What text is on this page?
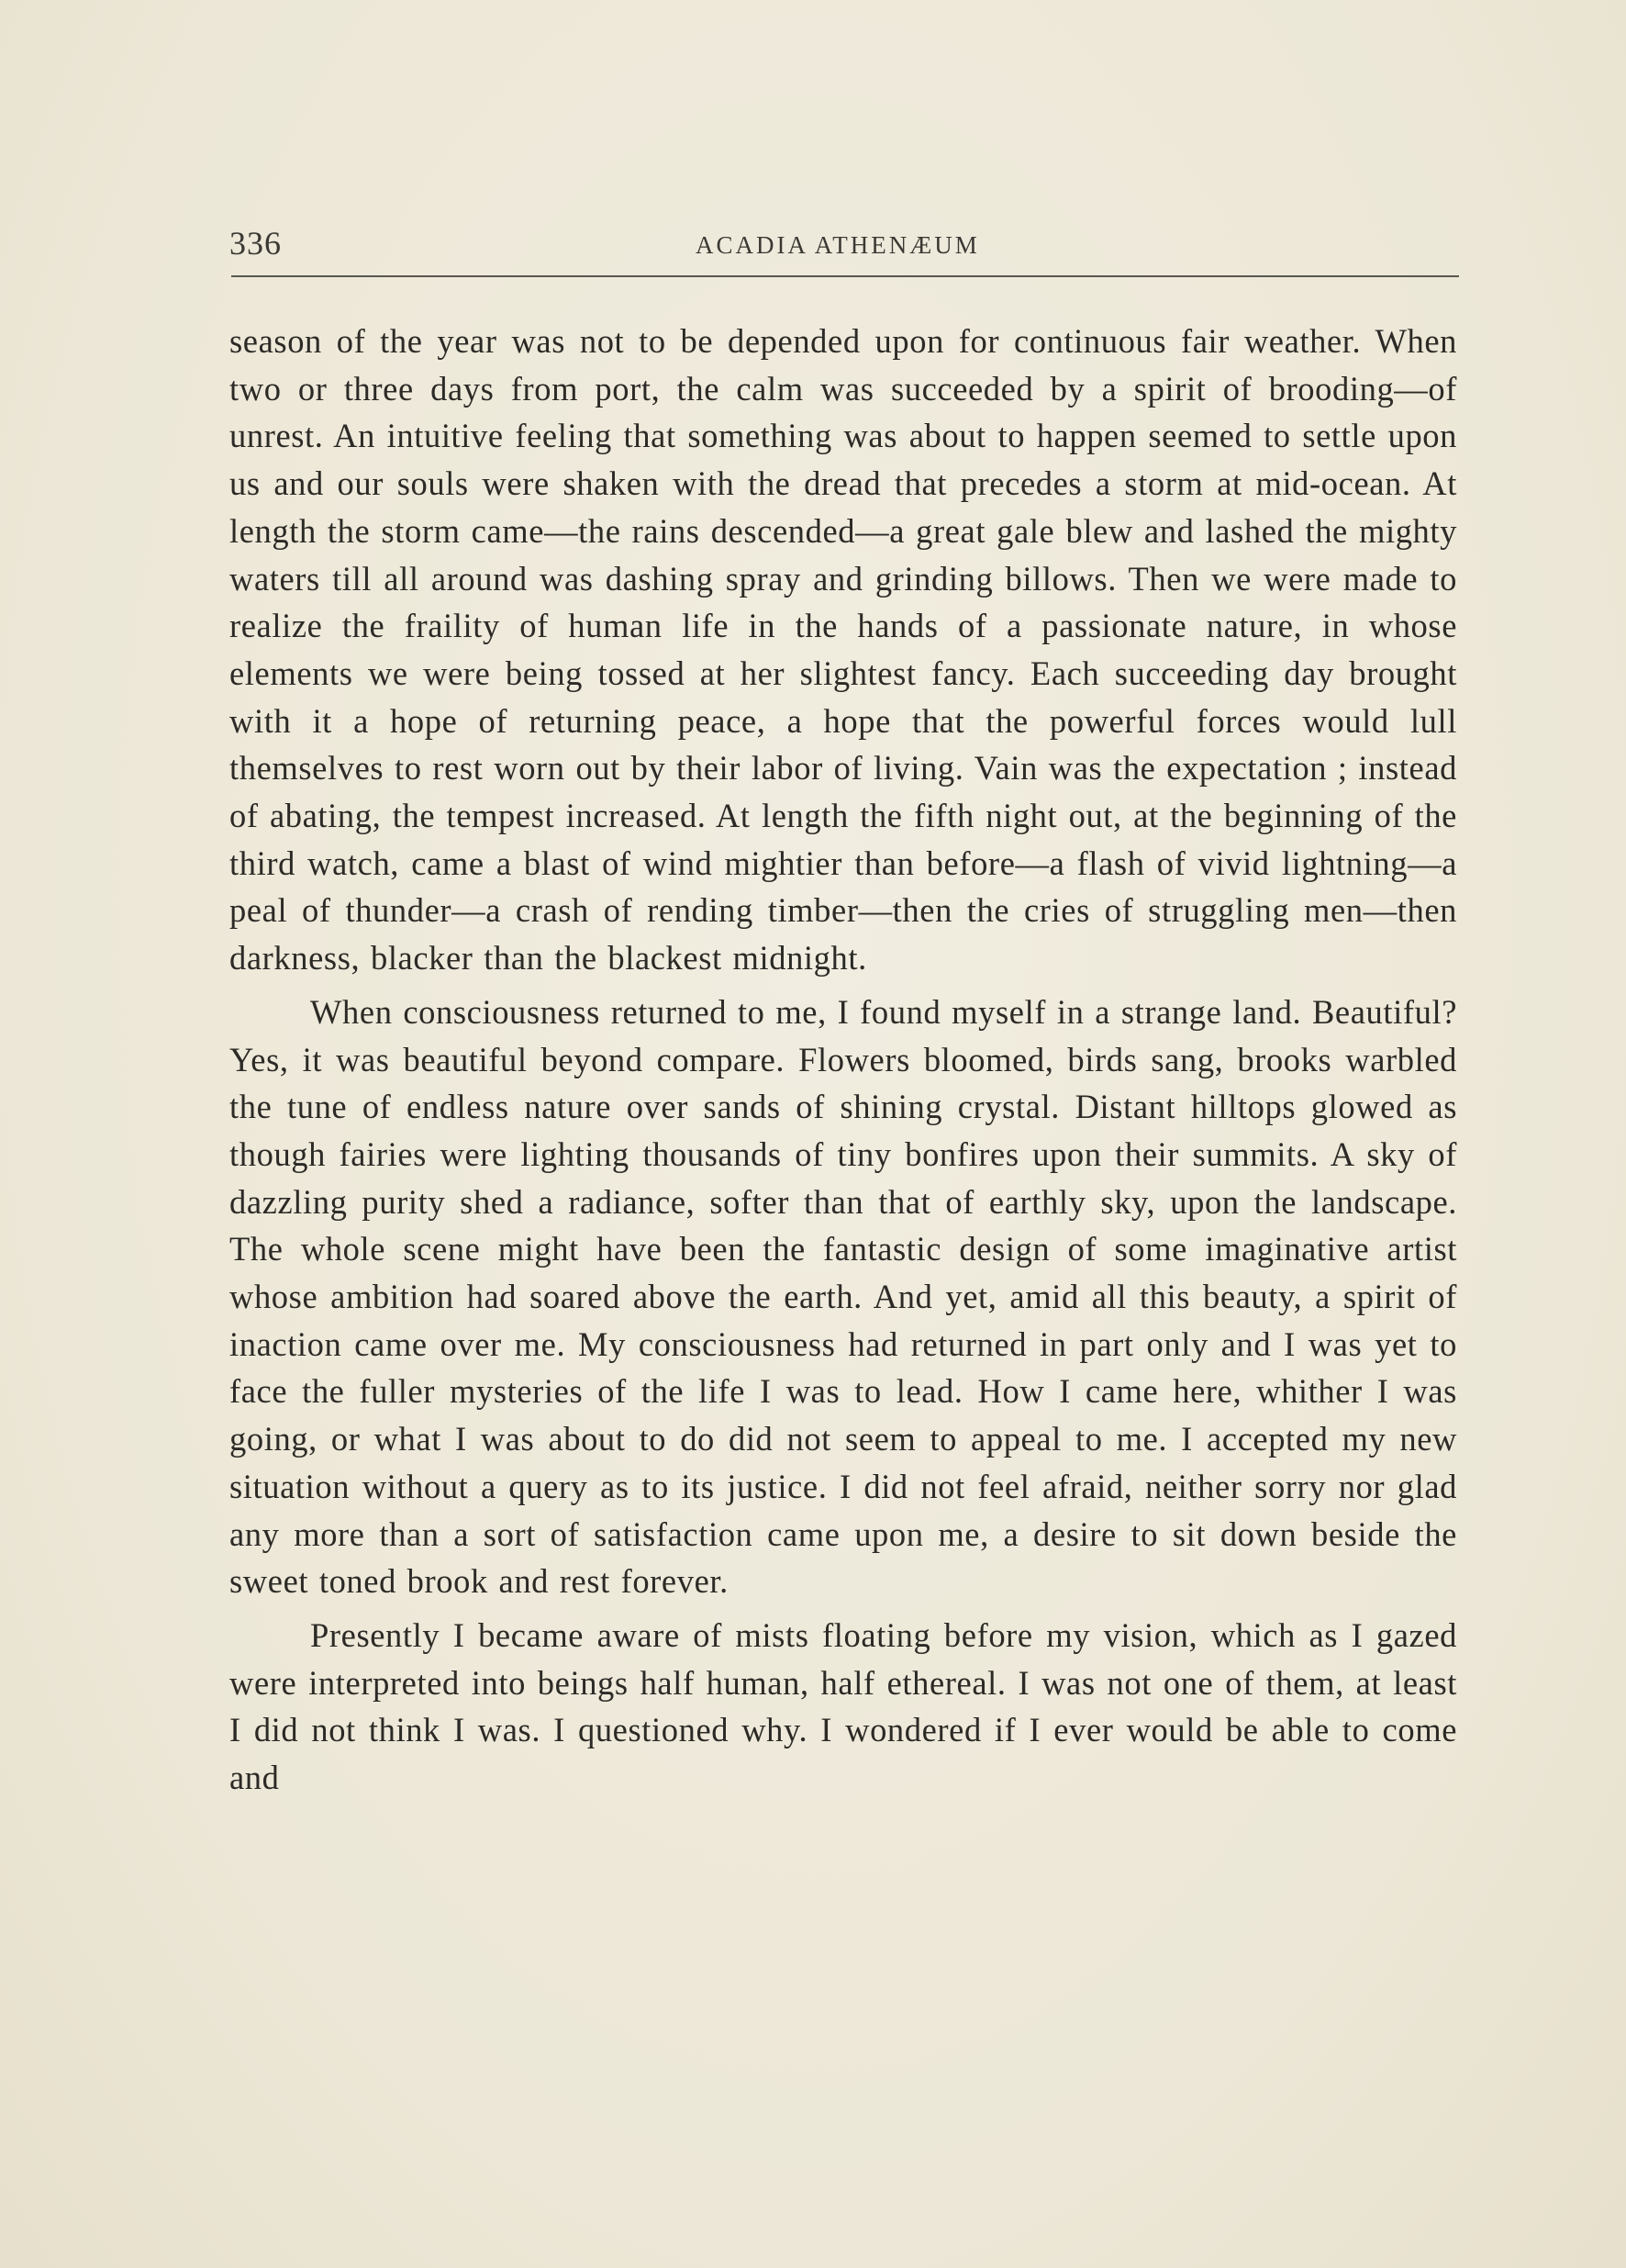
336	ACADIA ATHENÆUM

season of the year was not to be depended upon for continuous fair weather. When two or three days from port, the calm was succeeded by a spirit of brooding—of unrest. An intuitive feeling that something was about to happen seemed to settle upon us and our souls were shaken with the dread that precedes a storm at mid-ocean. At length the storm came—the rains descended—a great gale blew and lashed the mighty waters till all around was dashing spray and grinding billows. Then we were made to realize the fraility of human life in the hands of a passionate nature, in whose elements we were being tossed at her slightest fancy. Each succeeding day brought with it a hope of returning peace, a hope that the powerful forces would lull themselves to rest worn out by their labor of living. Vain was the expectation ; instead of abating, the tempest increased. At length the fifth night out, at the beginning of the third watch, came a blast of wind mightier than before—a flash of vivid lightning—a peal of thunder—a crash of rending timber—then the cries of struggling men—then darkness, blacker than the blackest midnight.

When consciousness returned to me, I found myself in a strange land. Beautiful? Yes, it was beautiful beyond compare. Flowers bloomed, birds sang, brooks warbled the tune of endless nature over sands of shining crystal. Distant hilltops glowed as though fairies were lighting thousands of tiny bonfires upon their summits. A sky of dazzling purity shed a radiance, softer than that of earthly sky, upon the landscape. The whole scene might have been the fantastic design of some imaginative artist whose ambition had soared above the earth. And yet, amid all this beauty, a spirit of inaction came over me. My consciousness had returned in part only and I was yet to face the fuller mysteries of the life I was to lead. How I came here, whither I was going, or what I was about to do did not seem to appeal to me. I accepted my new situation without a query as to its justice. I did not feel afraid, neither sorry nor glad any more than a sort of satisfaction came upon me, a desire to sit down beside the sweet toned brook and rest forever.

Presently I became aware of mists floating before my vision, which as I gazed were interpreted into beings half human, half ethereal. I was not one of them, at least I did not think I was. I questioned why. I wondered if I ever would be able to come and
